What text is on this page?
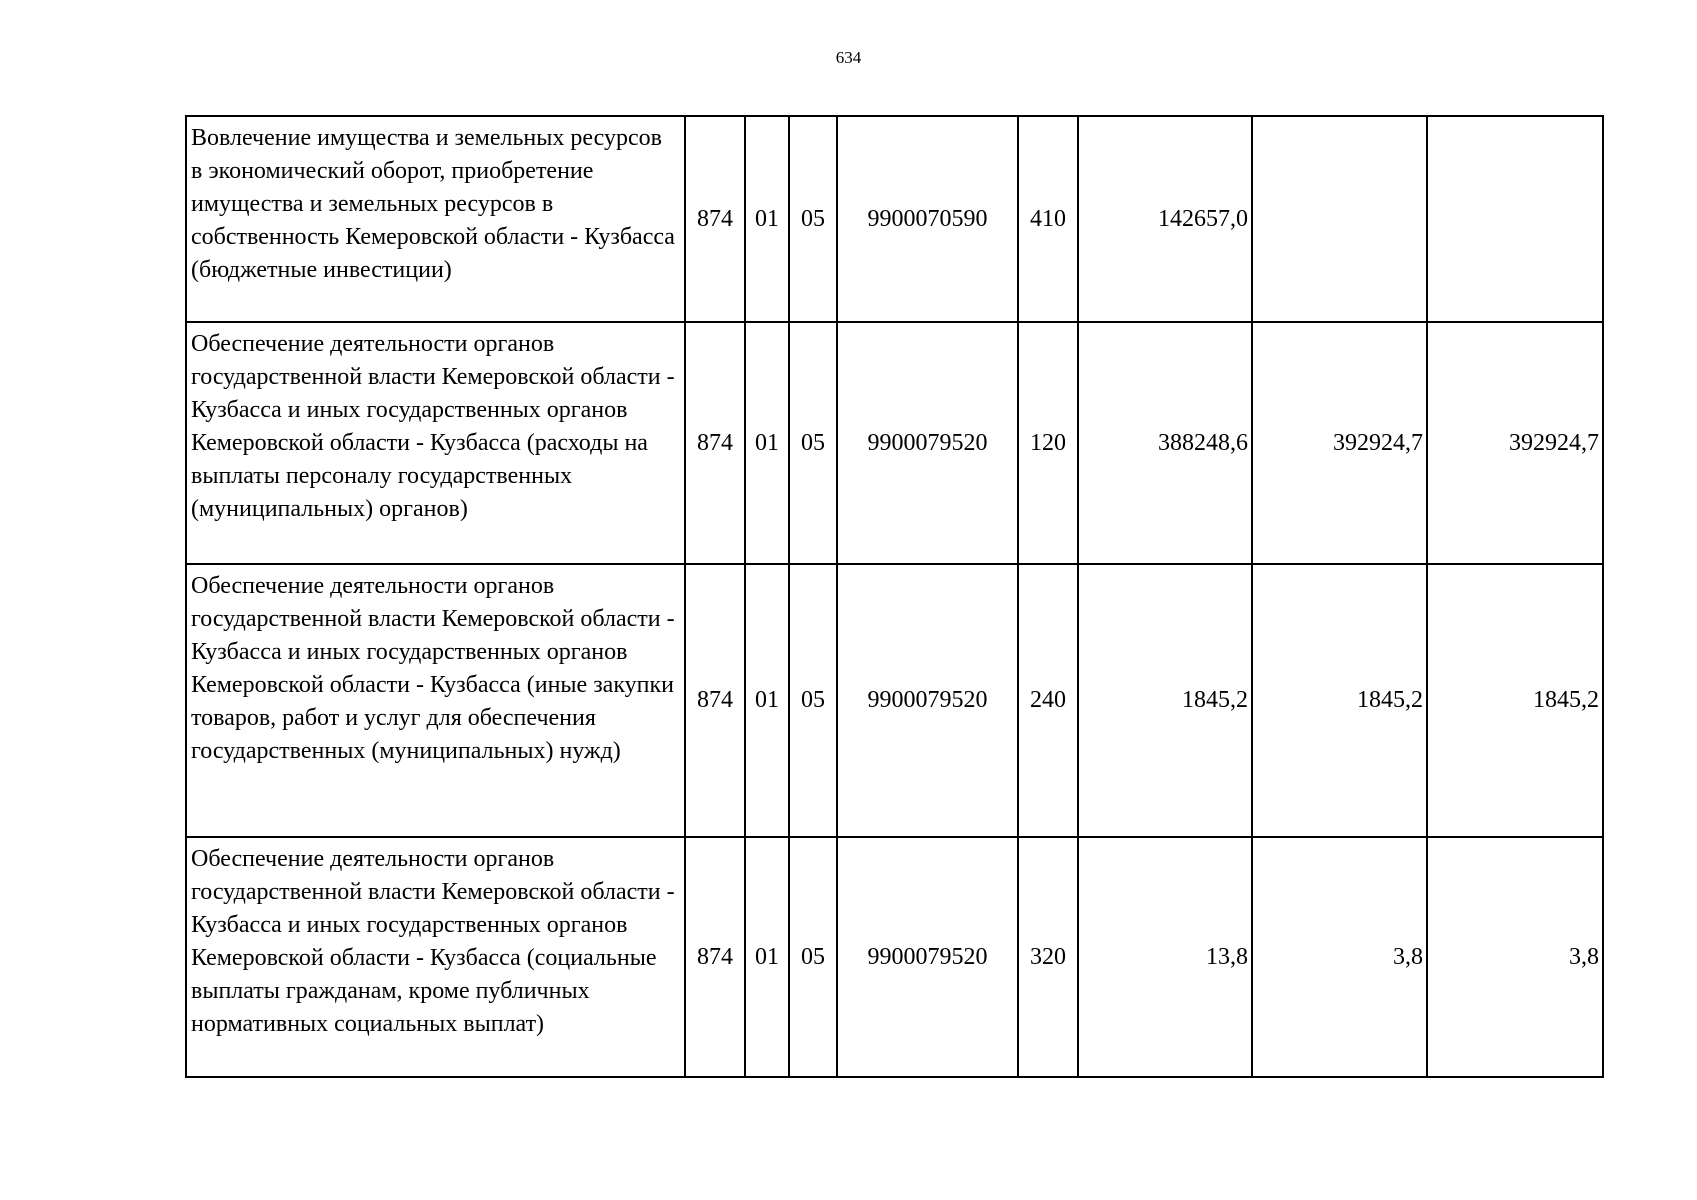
634
Вовлечение имущества и земельных ресурсов в экономический оборот, приобретение имущества и земельных ресурсов в собственность Кемеровской области - Кузбасса (бюджетные инвестиции)	874	01	05	9900070590	410	142657,0		
Обеспечение деятельности органов государственной власти Кемеровской области - Кузбасса и иных государственных органов Кемеровской области - Кузбасса (расходы на выплаты персоналу государственных (муниципальных) органов)	874	01	05	9900079520	120	388248,6	392924,7	392924,7
Обеспечение деятельности органов государственной власти Кемеровской области - Кузбасса и иных государственных органов Кемеровской области - Кузбасса (иные закупки товаров, работ и услуг для обеспечения государственных (муниципальных) нужд)	874	01	05	9900079520	240	1845,2	1845,2	1845,2
Обеспечение деятельности органов государственной власти Кемеровской области - Кузбасса и иных государственных органов Кемеровской области - Кузбасса (социальные выплаты гражданам, кроме публичных нормативных социальных выплат)	874	01	05	9900079520	320	13,8	3,8	3,8
